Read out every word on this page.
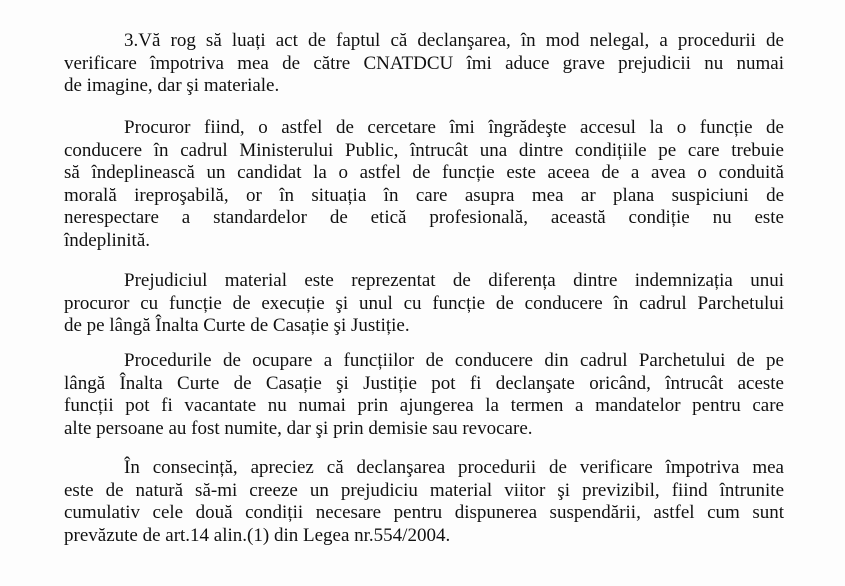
3.Vă rog să luați act de faptul că declanşarea, în mod nelegal, a procedurii de
verificare împotriva mea de către CNATDCU îmi aduce grave prejudicii nu numai
de imagine, dar şi materiale.
Procuror fiind, o astfel de cercetare îmi îngrădeşte accesul la o funcție de
conducere în cadrul Ministerului Public, întrucât una dintre condițiile pe care trebuie
să îndeplinească un candidat la o astfel de funcție este aceea de a avea o conduită
morală ireproşabilă, or în situația în care asupra mea ar plana suspiciuni de
nerespectare a standardelor de etică profesională, această condiție nu este
îndeplinită.
Prejudiciul material este reprezentat de diferența dintre indemnizația unui
procuror cu funcție de execuție şi unul cu funcție de conducere în cadrul Parchetului
de pe lângă Înalta Curte de Casație şi Justiție.
Procedurile de ocupare a funcțiilor de conducere din cadrul Parchetului de pe
lângă Înalta Curte de Casație şi Justiție pot fi declanşate oricând, întrucât aceste
funcții pot fi vacantate nu numai prin ajungerea la termen a mandatelor pentru care
alte persoane au fost numite, dar şi prin demisie sau revocare.
În consecință, apreciez că declanşarea procedurii de verificare împotriva mea
este de natură să-mi creeze un prejudiciu material viitor şi previzibil, fiind întrunite
cumulativ cele două condiții necesare pentru dispunerea suspendării, astfel cum sunt
prevăzute de art.14 alin.(1) din Legea nr.554/2004.
